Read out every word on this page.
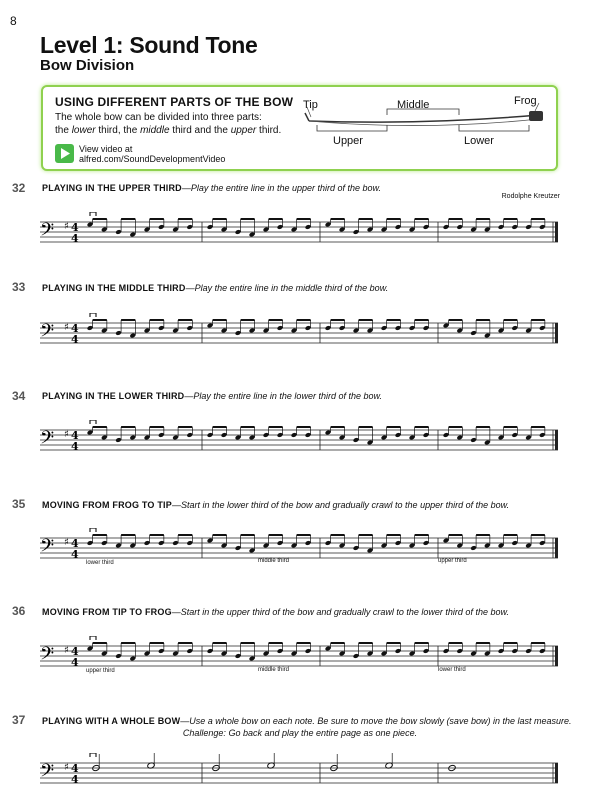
8
Level 1: Sound Tone
Bow Division
USING DIFFERENT PARTS OF THE BOW
The whole bow can be divided into three parts:
the lower third, the middle third and the upper third.
View video at
alfred.com/SoundDevelopmentVideo
Tip	Middle	Frog
Upper	Lower
Rodolphe Kreutzer
32 PLAYING IN THE UPPER THIRD—Play the entire line in the upper third of the bow.
𝄢 ♯ 4
4
33 PLAYING IN THE MIDDLE THIRD—Play the entire line in the middle third of the bow.
𝄢 ♯ 4
4
34 PLAYING IN THE LOWER THIRD—Play the entire line in the lower third of the bow.
𝄢 ♯ 4
4
35 MOVING FROM FROG TO TIP—Start in the lower third of the bow and gradually crawl to the upper third of the bow.
𝄢 ♯ 4
4
lower third	middle third	upper third
36 MOVING FROM TIP TO FROG—Start in the upper third of the bow and gradually crawl to the lower third of the bow.
𝄢 ♯ 4
4
upper third	middle third	lower third
37 PLAYING WITH A WHOLE BOW—Use a whole bow on each note. Be sure to move the bow slowly (save bow) in the last measure.
Challenge: Go back and play the entire page as one piece.
𝄢 ♯ 4
4
